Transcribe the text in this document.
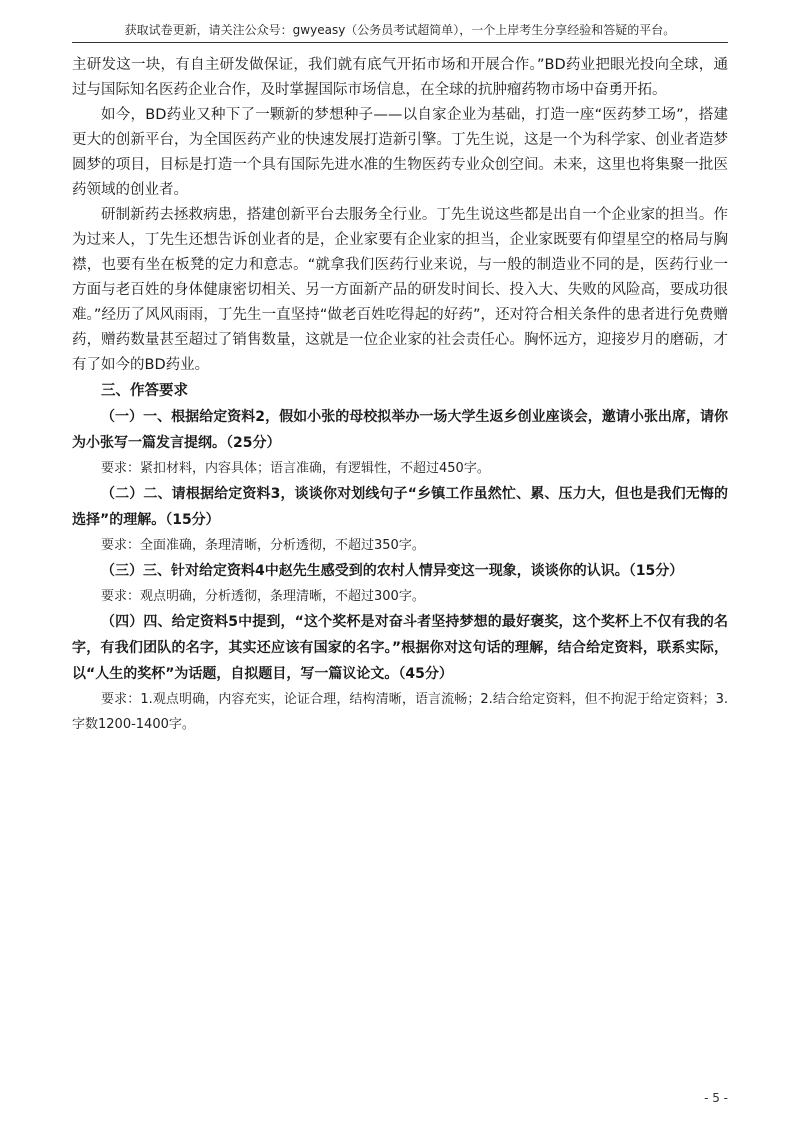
获取试卷更新，请关注公众号：gwyeasy（公务员考试超简单），一个上岸考生分享经验和答疑的平台。

主研发这一块，有自主研发做保证，我们就有底气开拓市场和开展合作。”BD药业把眼光投向全球，通过与国际知名医药企业合作，及时掌握国际市场信息，在全球的抗肿瘤药物市场中奋勇开拓。

如今，BD药业又种下了一颗新的梦想种子——以自家企业为基础，打造一座“医药梦工场”，搭建更大的创新平台，为全国医药产业的快速发展打造新引擎。丁先生说，这是一个为科学家、创业者造梦圆梦的项目，目标是打造一个具有国际先进水准的生物医药专业众创空间。未来，这里也将集聚一批医药领域的创业者。

研制新药去拯救病患，搭建创新平台去服务全行业。丁先生说这些都是出自一个企业家的担当。作为过来人，丁先生还想告诉创业者的是，企业家要有企业家的担当，企业家既要有仰望星空的格局与胸襟，也要有坐在板凳的定力和意志。“就拿我们医药行业来说，与一般的制造业不同的是，医药行业一方面与老百姓的身体健康密切相关、另一方面新产品的研发时间长、投入大、失败的风险高，要成功很难。”经历了风风雨雨，丁先生一直坚持“做老百姓吃得起的好药”，还对符合相关条件的患者进行免费赠药，赠药数量甚至超过了销售数量，这就是一位企业家的社会责任心。胸怀远方，迎接岁月的磨砺，才有了如今的BD药业。

三、作答要求

（一）一、根据给定资料2，假如小张的母校拟举办一场大学生返乡创业座谈会，邀请小张出席，请你为小张写一篇发言提纲。（25分）

要求：紧扣材料，内容具体；语言准确，有逻辑性，不超过450字。

（二）二、请根据给定资料3，谈谈你对划线句子“乡镇工作虽然忙、累、压力大，但也是我们无悔的选择”的理解。（15分）

要求：全面准确，条理清晰，分析透彻，不超过350字。

（三）三、针对给定资料4中赵先生感受到的农村人情异变这一现象，谈谈你的认识。（15分）

要求：观点明确，分析透彻，条理清晰，不超过300字。

（四）四、给定资料5中提到，“这个奖杯是对奋斗者坚持梦想的最好褒奖，这个奖杯上不仅有我的名字，有我们团队的名字，其实还应该有国家的名字。”根据你对这句话的理解，结合给定资料，联系实际，以“人生的奖杯”为话题，自拟题目，写一篇议论文。（45分）

要求：1.观点明确，内容充实，论证合理，结构清晰，语言流畅；2.结合给定资料，但不拘泥于给定资料；3.字数1200-1400字。

- 5 -
